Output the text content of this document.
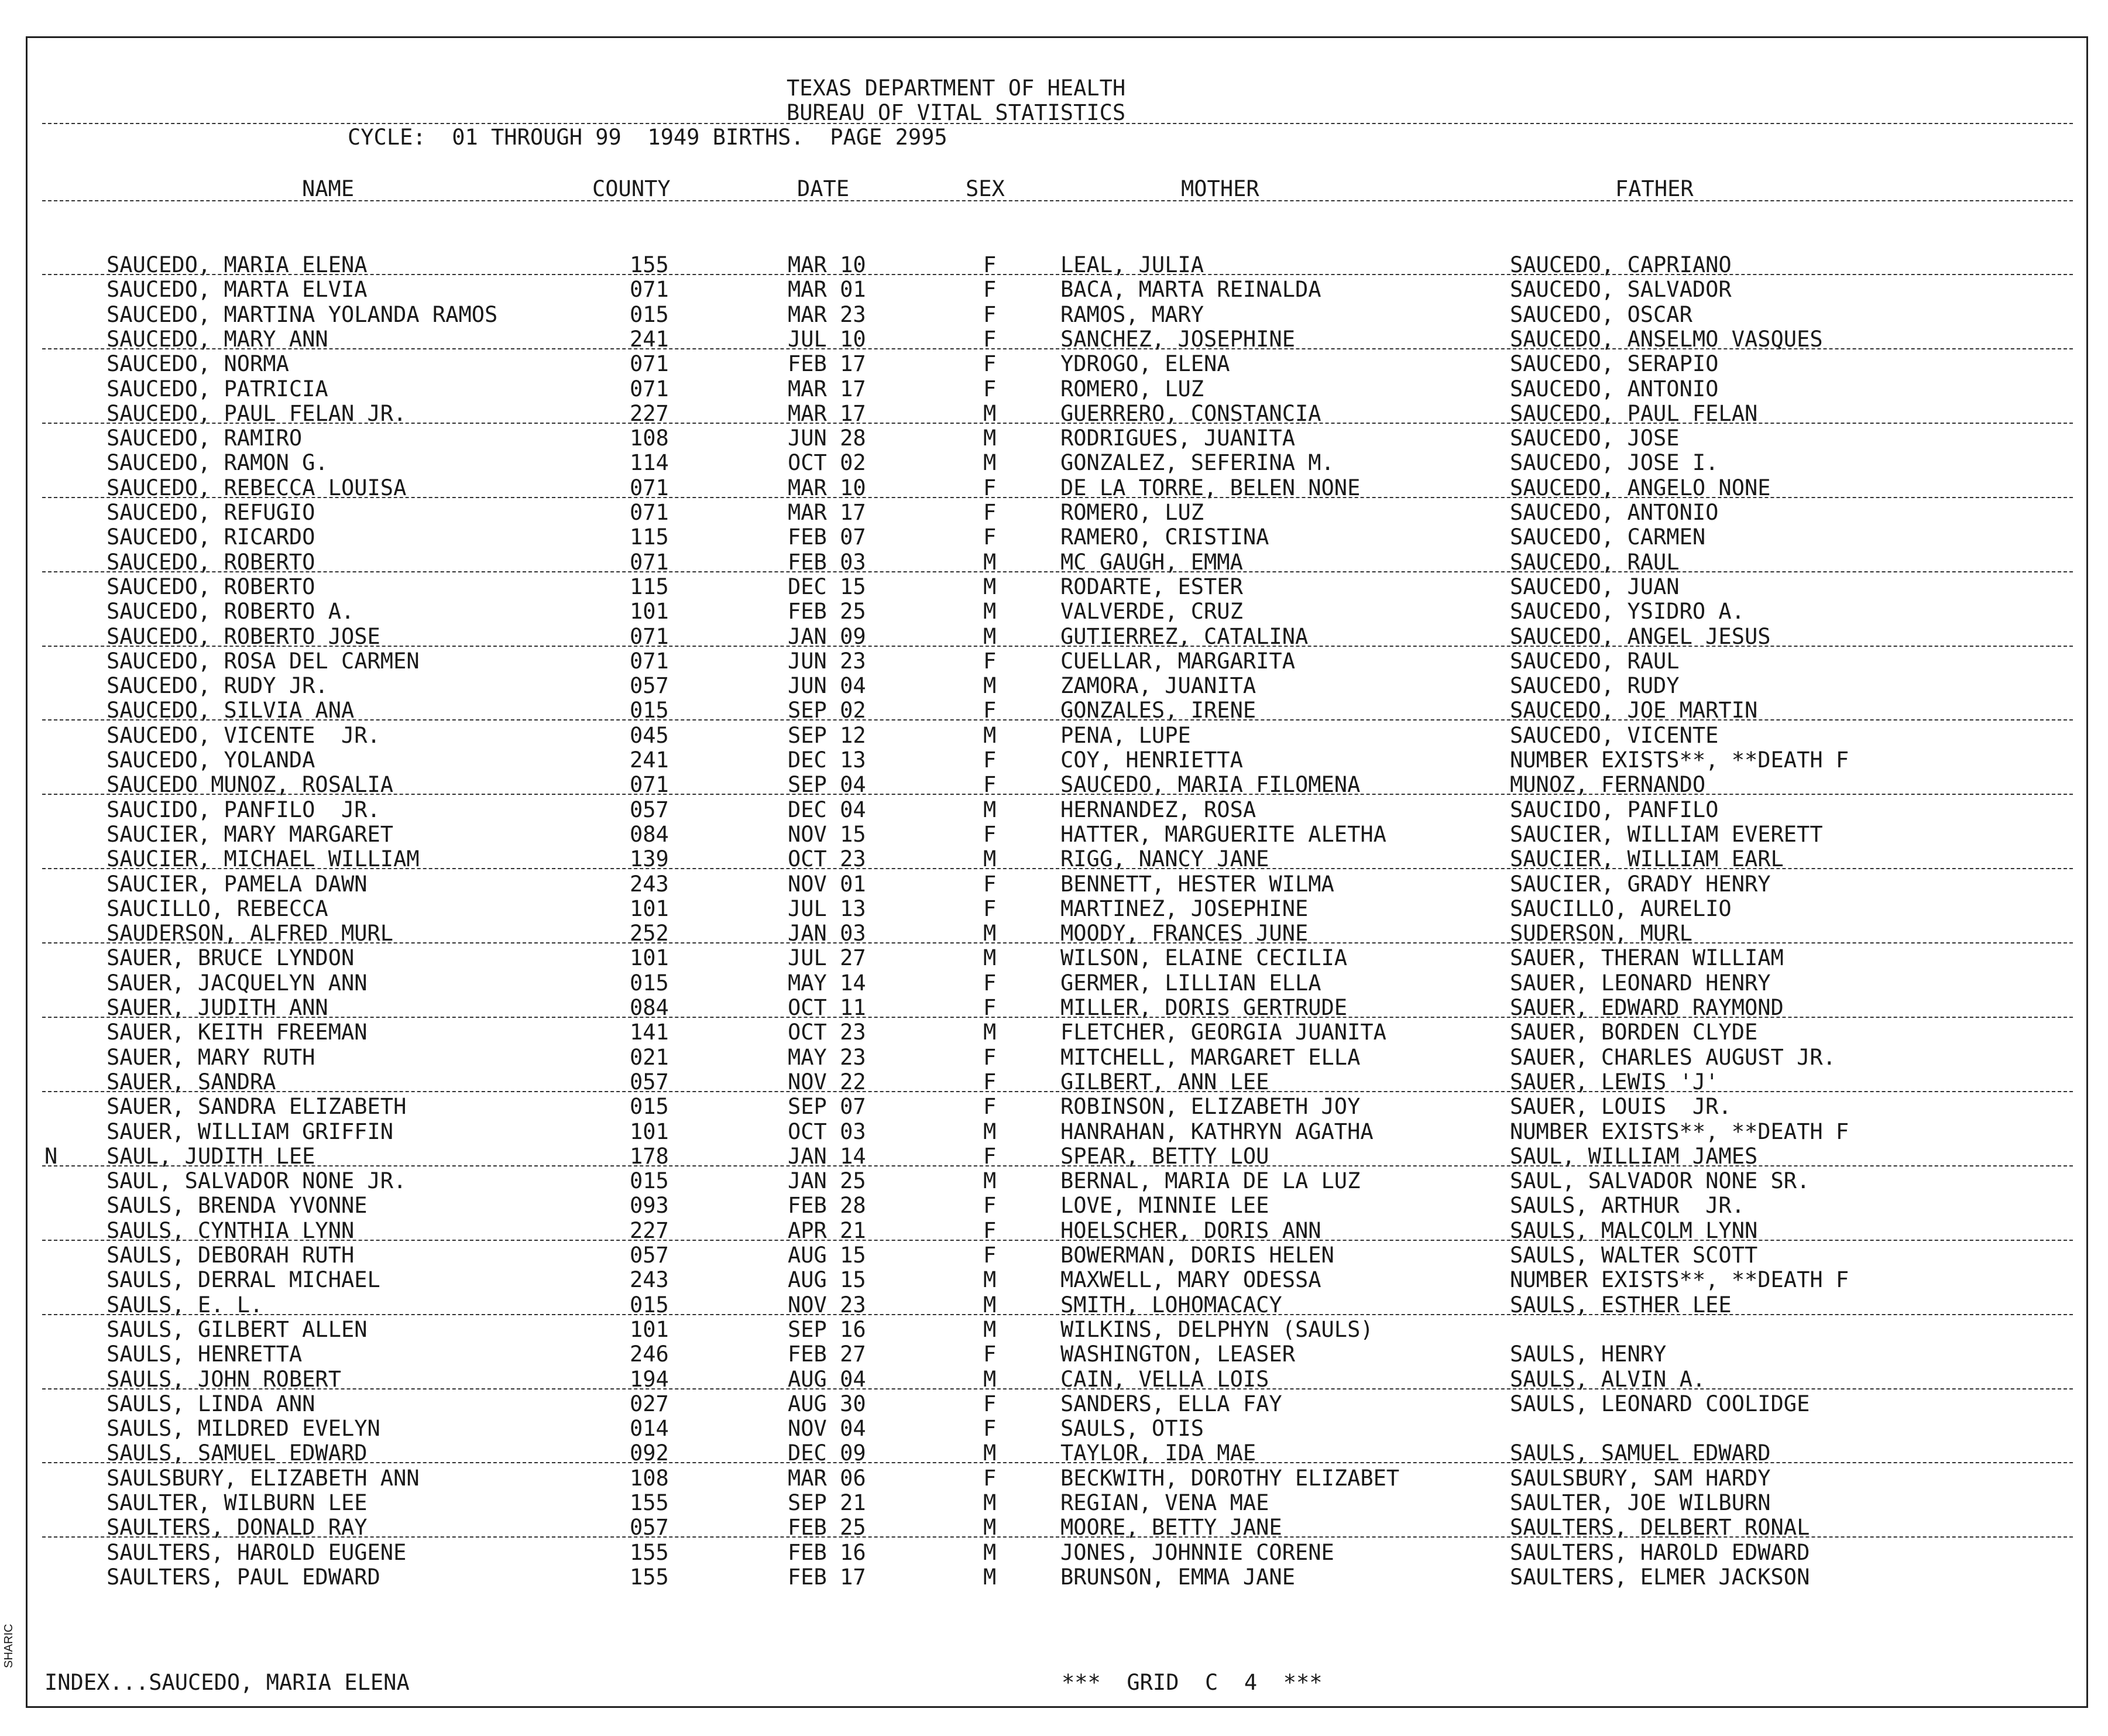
TEXAS DEPARTMENT OF HEALTH
BUREAU OF VITAL STATISTICS
CYCLE:  01 THROUGH 99  1949 BIRTHS.  PAGE 2995
NAME	COUNTY	DATE	SEX	MOTHER	FATHER
SAUCEDO, MARIA ELENA	155	MAR 10	F	LEAL, JULIA	SAUCEDO, CAPRIANO
SAUCEDO, MARTA ELVIA	071	MAR 01	F	BACA, MARTA REINALDA	SAUCEDO, SALVADOR
SAUCEDO, MARTINA YOLANDA RAMOS	015	MAR 23	F	RAMOS, MARY	SAUCEDO, OSCAR
SAUCEDO, MARY ANN	241	JUL 10	F	SANCHEZ, JOSEPHINE	SAUCEDO, ANSELMO VASQUES
SAUCEDO, NORMA	071	FEB 17	F	YDROGO, ELENA	SAUCEDO, SERAPIO
SAUCEDO, PATRICIA	071	MAR 17	F	ROMERO, LUZ	SAUCEDO, ANTONIO
SAUCEDO, PAUL FELAN JR.	227	MAR 17	M	GUERRERO, CONSTANCIA	SAUCEDO, PAUL FELAN
SAUCEDO, RAMIRO	108	JUN 28	M	RODRIGUES, JUANITA	SAUCEDO, JOSE
SAUCEDO, RAMON G.	114	OCT 02	M	GONZALEZ, SEFERINA M.	SAUCEDO, JOSE I.
SAUCEDO, REBECCA LOUISA	071	MAR 10	F	DE LA TORRE, BELEN NONE	SAUCEDO, ANGELO NONE
SAUCEDO, REFUGIO	071	MAR 17	F	ROMERO, LUZ	SAUCEDO, ANTONIO
SAUCEDO, RICARDO	115	FEB 07	F	RAMERO, CRISTINA	SAUCEDO, CARMEN
SAUCEDO, ROBERTO	071	FEB 03	M	MC GAUGH, EMMA	SAUCEDO, RAUL
SAUCEDO, ROBERTO	115	DEC 15	M	RODARTE, ESTER	SAUCEDO, JUAN
SAUCEDO, ROBERTO A.	101	FEB 25	M	VALVERDE, CRUZ	SAUCEDO, YSIDRO A.
SAUCEDO, ROBERTO JOSE	071	JAN 09	M	GUTIERREZ, CATALINA	SAUCEDO, ANGEL JESUS
SAUCEDO, ROSA DEL CARMEN	071	JUN 23	F	CUELLAR, MARGARITA	SAUCEDO, RAUL
SAUCEDO, RUDY JR.	057	JUN 04	M	ZAMORA, JUANITA	SAUCEDO, RUDY
SAUCEDO, SILVIA ANA	015	SEP 02	F	GONZALES, IRENE	SAUCEDO, JOE MARTIN
SAUCEDO, VICENTE  JR.	045	SEP 12	M	PENA, LUPE	SAUCEDO, VICENTE
SAUCEDO, YOLANDA	241	DEC 13	F	COY, HENRIETTA	NUMBER EXISTS**, **DEATH F
SAUCEDO MUNOZ, ROSALIA	071	SEP 04	F	SAUCEDO, MARIA FILOMENA	MUNOZ, FERNANDO
SAUCIDO, PANFILO  JR.	057	DEC 04	M	HERNANDEZ, ROSA	SAUCIDO, PANFILO
SAUCIER, MARY MARGARET	084	NOV 15	F	HATTER, MARGUERITE ALETHA	SAUCIER, WILLIAM EVERETT
SAUCIER, MICHAEL WILLIAM	139	OCT 23	M	RIGG, NANCY JANE	SAUCIER, WILLIAM EARL
SAUCIER, PAMELA DAWN	243	NOV 01	F	BENNETT, HESTER WILMA	SAUCIER, GRADY HENRY
SAUCILLO, REBECCA	101	JUL 13	F	MARTINEZ, JOSEPHINE	SAUCILLO, AURELIO
SAUDERSON, ALFRED MURL	252	JAN 03	M	MOODY, FRANCES JUNE	SUDERSON, MURL
SAUER, BRUCE LYNDON	101	JUL 27	M	WILSON, ELAINE CECILIA	SAUER, THERAN WILLIAM
SAUER, JACQUELYN ANN	015	MAY 14	F	GERMER, LILLIAN ELLA	SAUER, LEONARD HENRY
SAUER, JUDITH ANN	084	OCT 11	F	MILLER, DORIS GERTRUDE	SAUER, EDWARD RAYMOND
SAUER, KEITH FREEMAN	141	OCT 23	M	FLETCHER, GEORGIA JUANITA	SAUER, BORDEN CLYDE
SAUER, MARY RUTH	021	MAY 23	F	MITCHELL, MARGARET ELLA	SAUER, CHARLES AUGUST JR.
SAUER, SANDRA	057	NOV 22	F	GILBERT, ANN LEE	SAUER, LEWIS 'J'
SAUER, SANDRA ELIZABETH	015	SEP 07	F	ROBINSON, ELIZABETH JOY	SAUER, LOUIS  JR.
SAUER, WILLIAM GRIFFIN	101	OCT 03	M	HANRAHAN, KATHRYN AGATHA	NUMBER EXISTS**, **DEATH F
N SAUL, JUDITH LEE	178	JAN 14	F	SPEAR, BETTY LOU	SAUL, WILLIAM JAMES
SAUL, SALVADOR NONE JR.	015	JAN 25	M	BERNAL, MARIA DE LA LUZ	SAUL, SALVADOR NONE SR.
SAULS, BRENDA YVONNE	093	FEB 28	F	LOVE, MINNIE LEE	SAULS, ARTHUR  JR.
SAULS, CYNTHIA LYNN	227	APR 21	F	HOELSCHER, DORIS ANN	SAULS, MALCOLM LYNN
SAULS, DEBORAH RUTH	057	AUG 15	F	BOWERMAN, DORIS HELEN	SAULS, WALTER SCOTT
SAULS, DERRAL MICHAEL	243	AUG 15	M	MAXWELL, MARY ODESSA	NUMBER EXISTS**, **DEATH F
SAULS, E. L.	015	NOV 23	M	SMITH, LOHOMACACY	SAULS, ESTHER LEE
SAULS, GILBERT ALLEN	101	SEP 16	M	WILKINS, DELPHYN (SAULS)
SAULS, HENRETTA	246	FEB 27	F	WASHINGTON, LEASER	SAULS, HENRY
SAULS, JOHN ROBERT	194	AUG 04	M	CAIN, VELLA LOIS	SAULS, ALVIN A.
SAULS, LINDA ANN	027	AUG 30	F	SANDERS, ELLA FAY	SAULS, LEONARD COOLIDGE
SAULS, MILDRED EVELYN	014	NOV 04	F	SAULS, OTIS
SAULS, SAMUEL EDWARD	092	DEC 09	M	TAYLOR, IDA MAE	SAULS, SAMUEL EDWARD
SAULSBURY, ELIZABETH ANN	108	MAR 06	F	BECKWITH, DOROTHY ELIZABET	SAULSBURY, SAM HARDY
SAULTER, WILBURN LEE	155	SEP 21	M	REGIAN, VENA MAE	SAULTER, JOE WILBURN
SAULTERS, DONALD RAY	057	FEB 25	M	MOORE, BETTY JANE	SAULTERS, DELBERT RONAL
SAULTERS, HAROLD EUGENE	155	FEB 16	M	JONES, JOHNNIE CORENE	SAULTERS, HAROLD EDWARD
SAULTERS, PAUL EDWARD	155	FEB 17	M	BRUNSON, EMMA JANE	SAULTERS, ELMER JACKSON
INDEX...SAUCEDO, MARIA ELENA	***  GRID  C  4  ***
SHARIC
